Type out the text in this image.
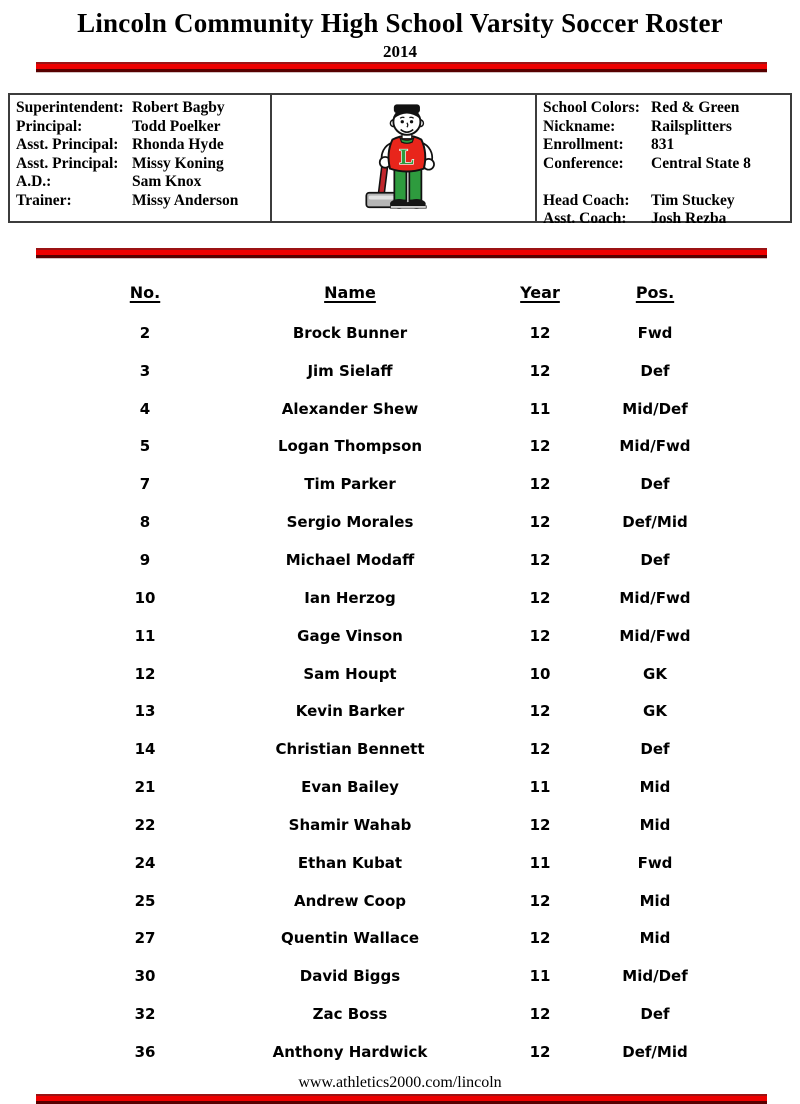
Lincoln Community High School Varsity Soccer Roster
2014
Superintendent: Robert Bagby
Principal:	Todd Poelker
Asst. Principal: Rhonda Hyde
Asst. Principal: Missy Koning
A.D.:	Sam Knox
Trainer:	Missy Anderson
L
School Colors: Red & Green
Nickname:	Railsplitters
Enrollment:	831
Conference:	Central State 8
Head Coach:	Tim Stuckey
Asst. Coach:	Josh Rezba
No.	Name	Year	Pos.
2	Brock Bunner	12	Fwd
3	Jim Sielaff	12	Def
4	Alexander Shew	11	Mid/Def
5	Logan Thompson	12	Mid/Fwd
7	Tim Parker	12	Def
8	Sergio Morales	12	Def/Mid
9	Michael Modaff	12	Def
10	Ian Herzog	12	Mid/Fwd
11	Gage Vinson	12	Mid/Fwd
12	Sam Houpt	10	GK
13	Kevin Barker	12	GK
14	Christian Bennett	12	Def
21	Evan Bailey	11	Mid
22	Shamir Wahab	12	Mid
24	Ethan Kubat	11	Fwd
25	Andrew Coop	12	Mid
27	Quentin Wallace	12	Mid
30	David Biggs	11	Mid/Def
32	Zac Boss	12	Def
36	Anthony Hardwick	12	Def/Mid
www.athletics2000.com/lincoln
